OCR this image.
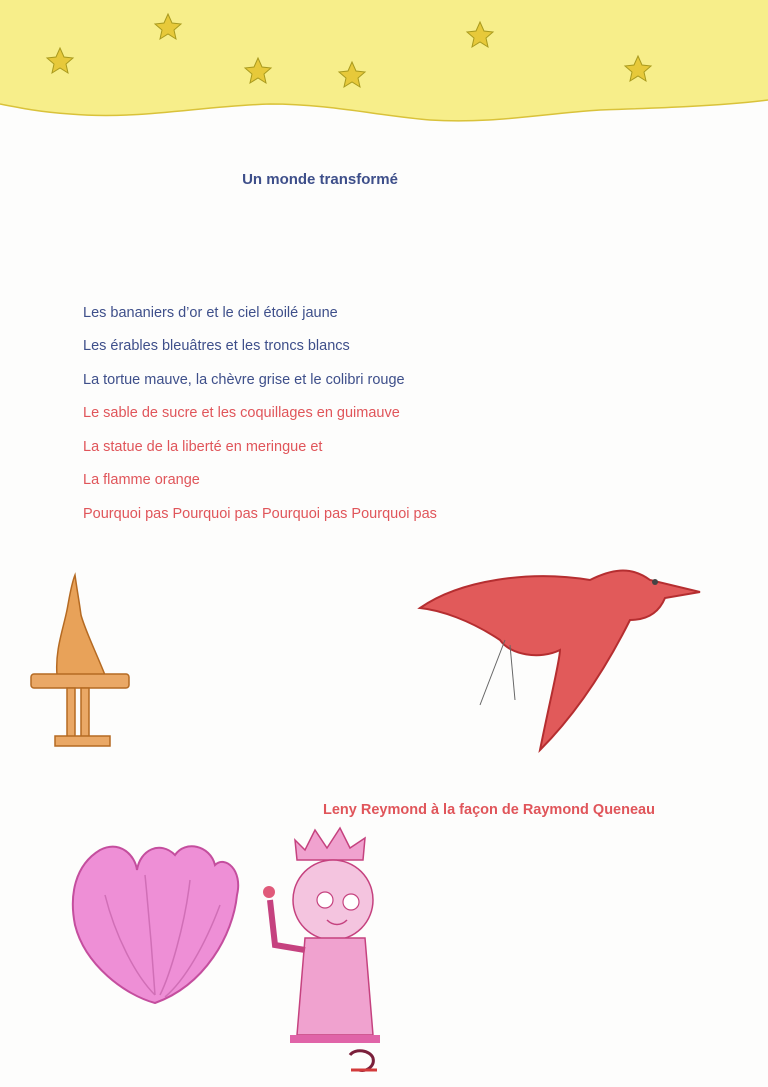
Un monde transformé
Les bananiers d’or et le ciel étoilé jaune
Les érables bleuâtres et les troncs blancs
La tortue mauve, la chèvre grise et le colibri rouge
Le sable de sucre et les coquillages en guimauve
La statue de la liberté en meringue et
La flamme orange
Pourquoi pas Pourquoi pas Pourquoi pas Pourquoi pas
Leny Reymond à la façon de Raymond Queneau
